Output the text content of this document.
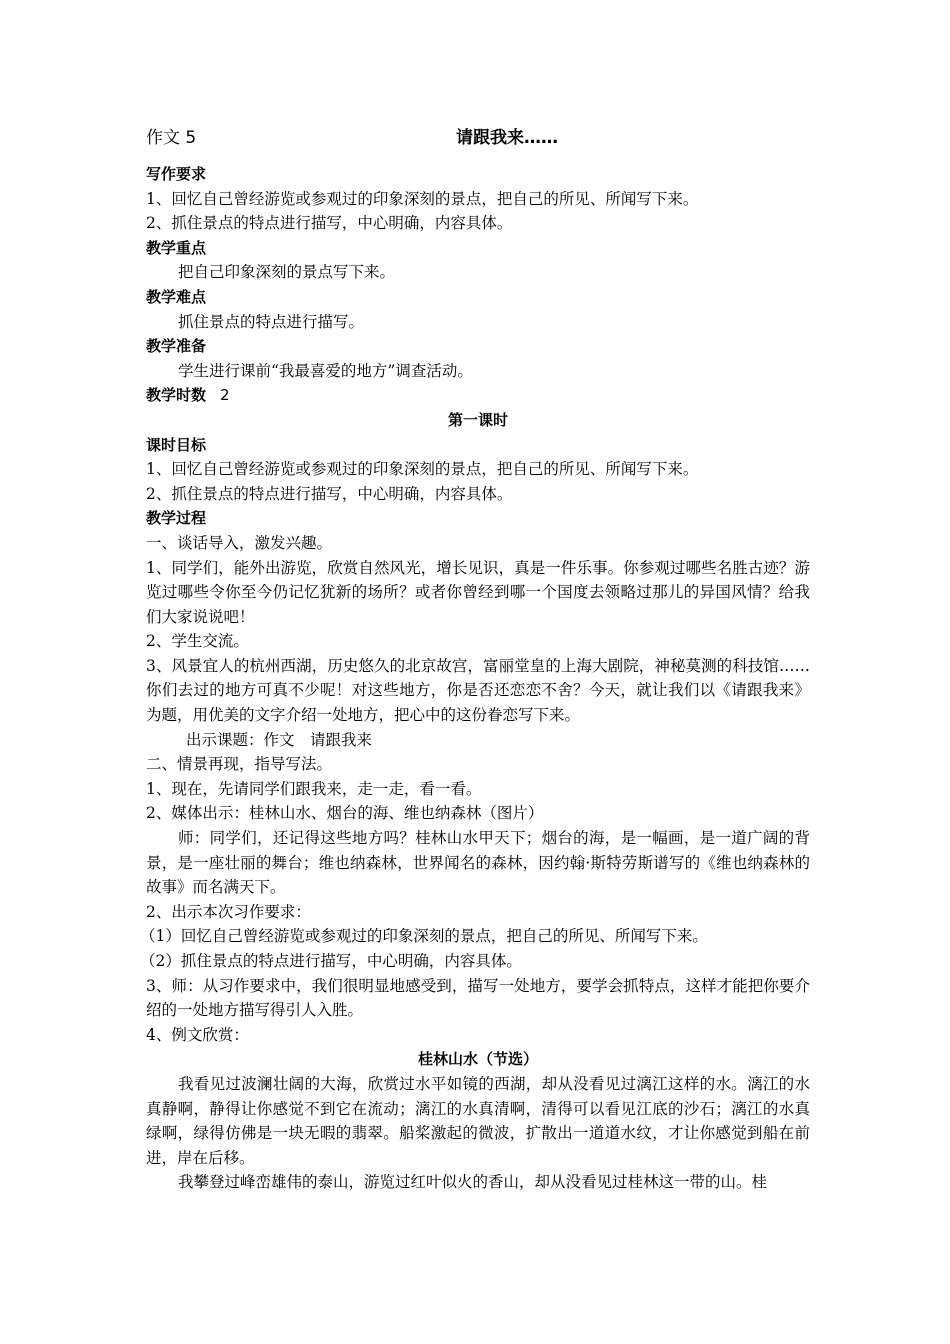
作文 5	请跟我来……

写作要求

1、回忆自己曾经游览或参观过的印象深刻的景点，把自己的所见、所闻写下来。

2、抓住景点的特点进行描写，中心明确，内容具体。

教学重点

把自己印象深刻的景点写下来。

教学难点

抓住景点的特点进行描写。

教学准备

学生进行课前“我最喜爱的地方”调查活动。

教学时数 2

第一课时

课时目标

1、回忆自己曾经游览或参观过的印象深刻的景点，把自己的所见、所闻写下来。

2、抓住景点的特点进行描写，中心明确，内容具体。

教学过程

一、谈话导入，激发兴趣。

1、同学们，能外出游览，欣赏自然风光，增长见识，真是一件乐事。你参观过哪些名胜古迹？游览过哪些令你至今仍记忆犹新的场所？或者你曾经到哪一个国度去领略过那儿的异国风情？给我们大家说说吧！

2、学生交流。

3、风景宜人的杭州西湖，历史悠久的北京故宫，富丽堂皇的上海大剧院，神秘莫测的科技馆……你们去过的地方可真不少呢！对这些地方，你是否还恋恋不舍？今天，就让我们以《请跟我来》为题，用优美的文字介绍一处地方，把心中的这份眷恋写下来。

出示课题：作文　请跟我来

二、情景再现，指导写法。

1、现在，先请同学们跟我来，走一走，看一看。

2、媒体出示：桂林山水、烟台的海、维也纳森林（图片）

师：同学们，还记得这些地方吗？桂林山水甲天下；烟台的海，是一幅画，是一道广阔的背景，是一座壮丽的舞台；维也纳森林，世界闻名的森林，因约翰·斯特劳斯谱写的《维也纳森林的故事》而名满天下。

2、出示本次习作要求：

（1）回忆自己曾经游览或参观过的印象深刻的景点，把自己的所见、所闻写下来。

（2）抓住景点的特点进行描写，中心明确，内容具体。

3、师：从习作要求中，我们很明显地感受到，描写一处地方，要学会抓特点，这样才能把你要介绍的一处地方描写得引人入胜。

4、例文欣赏：

桂林山水（节选）

我看见过波澜壮阔的大海，欣赏过水平如镜的西湖，却从没看见过漓江这样的水。漓江的水真静啊，静得让你感觉不到它在流动；漓江的水真清啊，清得可以看见江底的沙石；漓江的水真绿啊，绿得仿佛是一块无暇的翡翠。船桨激起的微波，扩散出一道道水纹，才让你感觉到船在前进，岸在后移。

我攀登过峰峦雄伟的泰山，游览过红叶似火的香山，却从没看见过桂林这一带的山。桂
